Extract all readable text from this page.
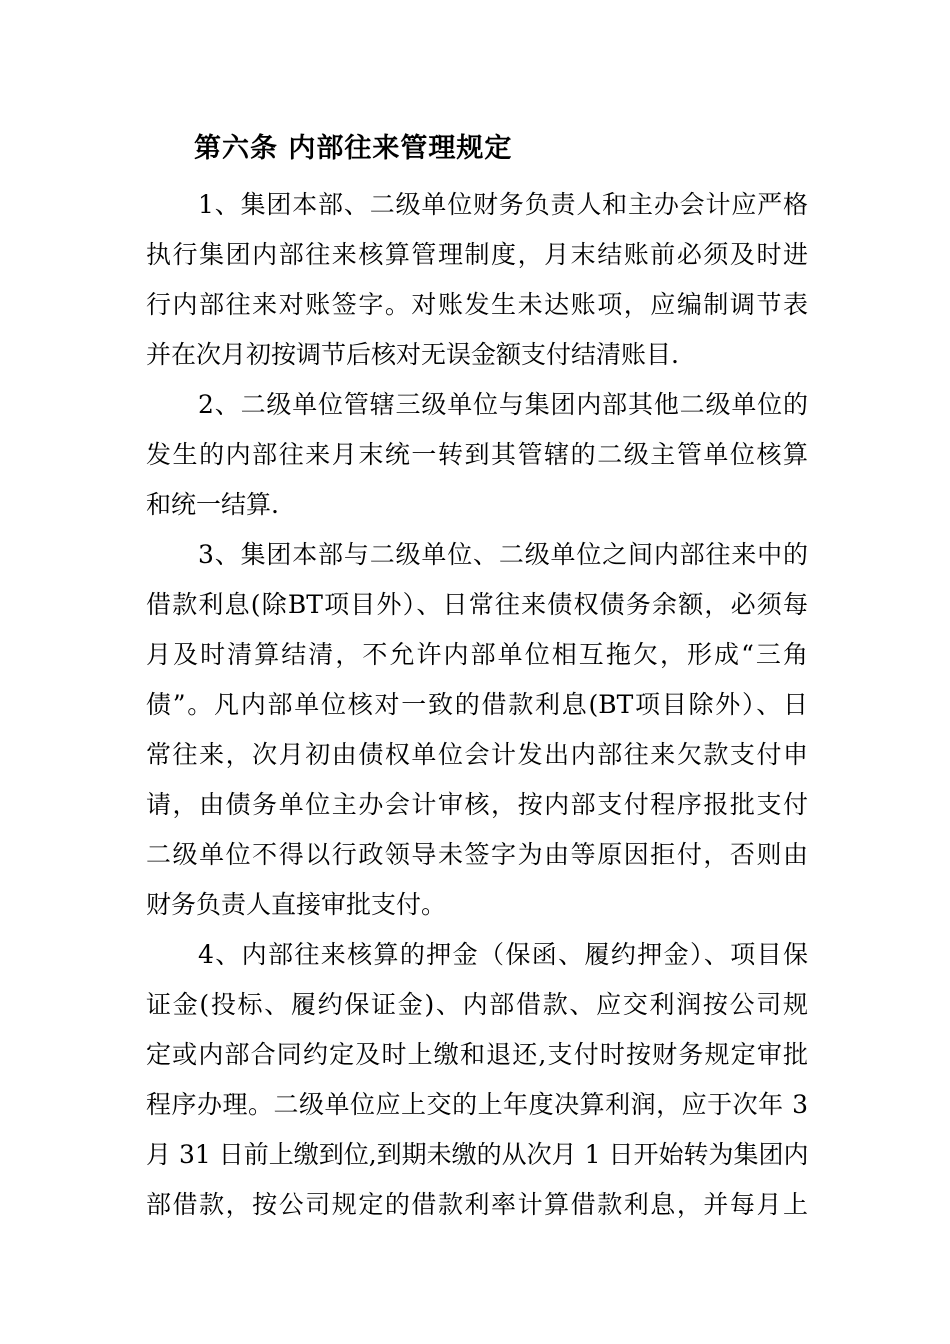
第六条 内部往来管理规定
1、集团本部、二级单位财务负责人和主办会计应严格
执行集团内部往来核算管理制度，月末结账前必须及时进
行内部往来对账签字。对账发生未达账项，应编制调节表
并在次月初按调节后核对无误金额支付结清账目.
2、二级单位管辖三级单位与集团内部其他二级单位的
发生的内部往来月末统一转到其管辖的二级主管单位核算
和统一结算.
3、集团本部与二级单位、二级单位之间内部往来中的
借款利息(除BT项目外）、日常往来债权债务余额，必须每
月及时清算结清，不允许内部单位相互拖欠，形成“三角
债”。凡内部单位核对一致的借款利息(BT项目除外）、日
常往来，次月初由债权单位会计发出内部往来欠款支付申
请，由债务单位主办会计审核，按内部支付程序报批支付
二级单位不得以行政领导未签字为由等原因拒付，否则由
财务负责人直接审批支付。
4、内部往来核算的押金（保函、履约押金）、项目保
证金(投标、履约保证金)、内部借款、应交利润按公司规
定或内部合同约定及时上缴和退还,支付时按财务规定审批
程序办理。二级单位应上交的上年度决算利润，应于次年 3
月 31 日前上缴到位,到期未缴的从次月 1 日开始转为集团内
部借款，按公司规定的借款利率计算借款利息，并每月上
